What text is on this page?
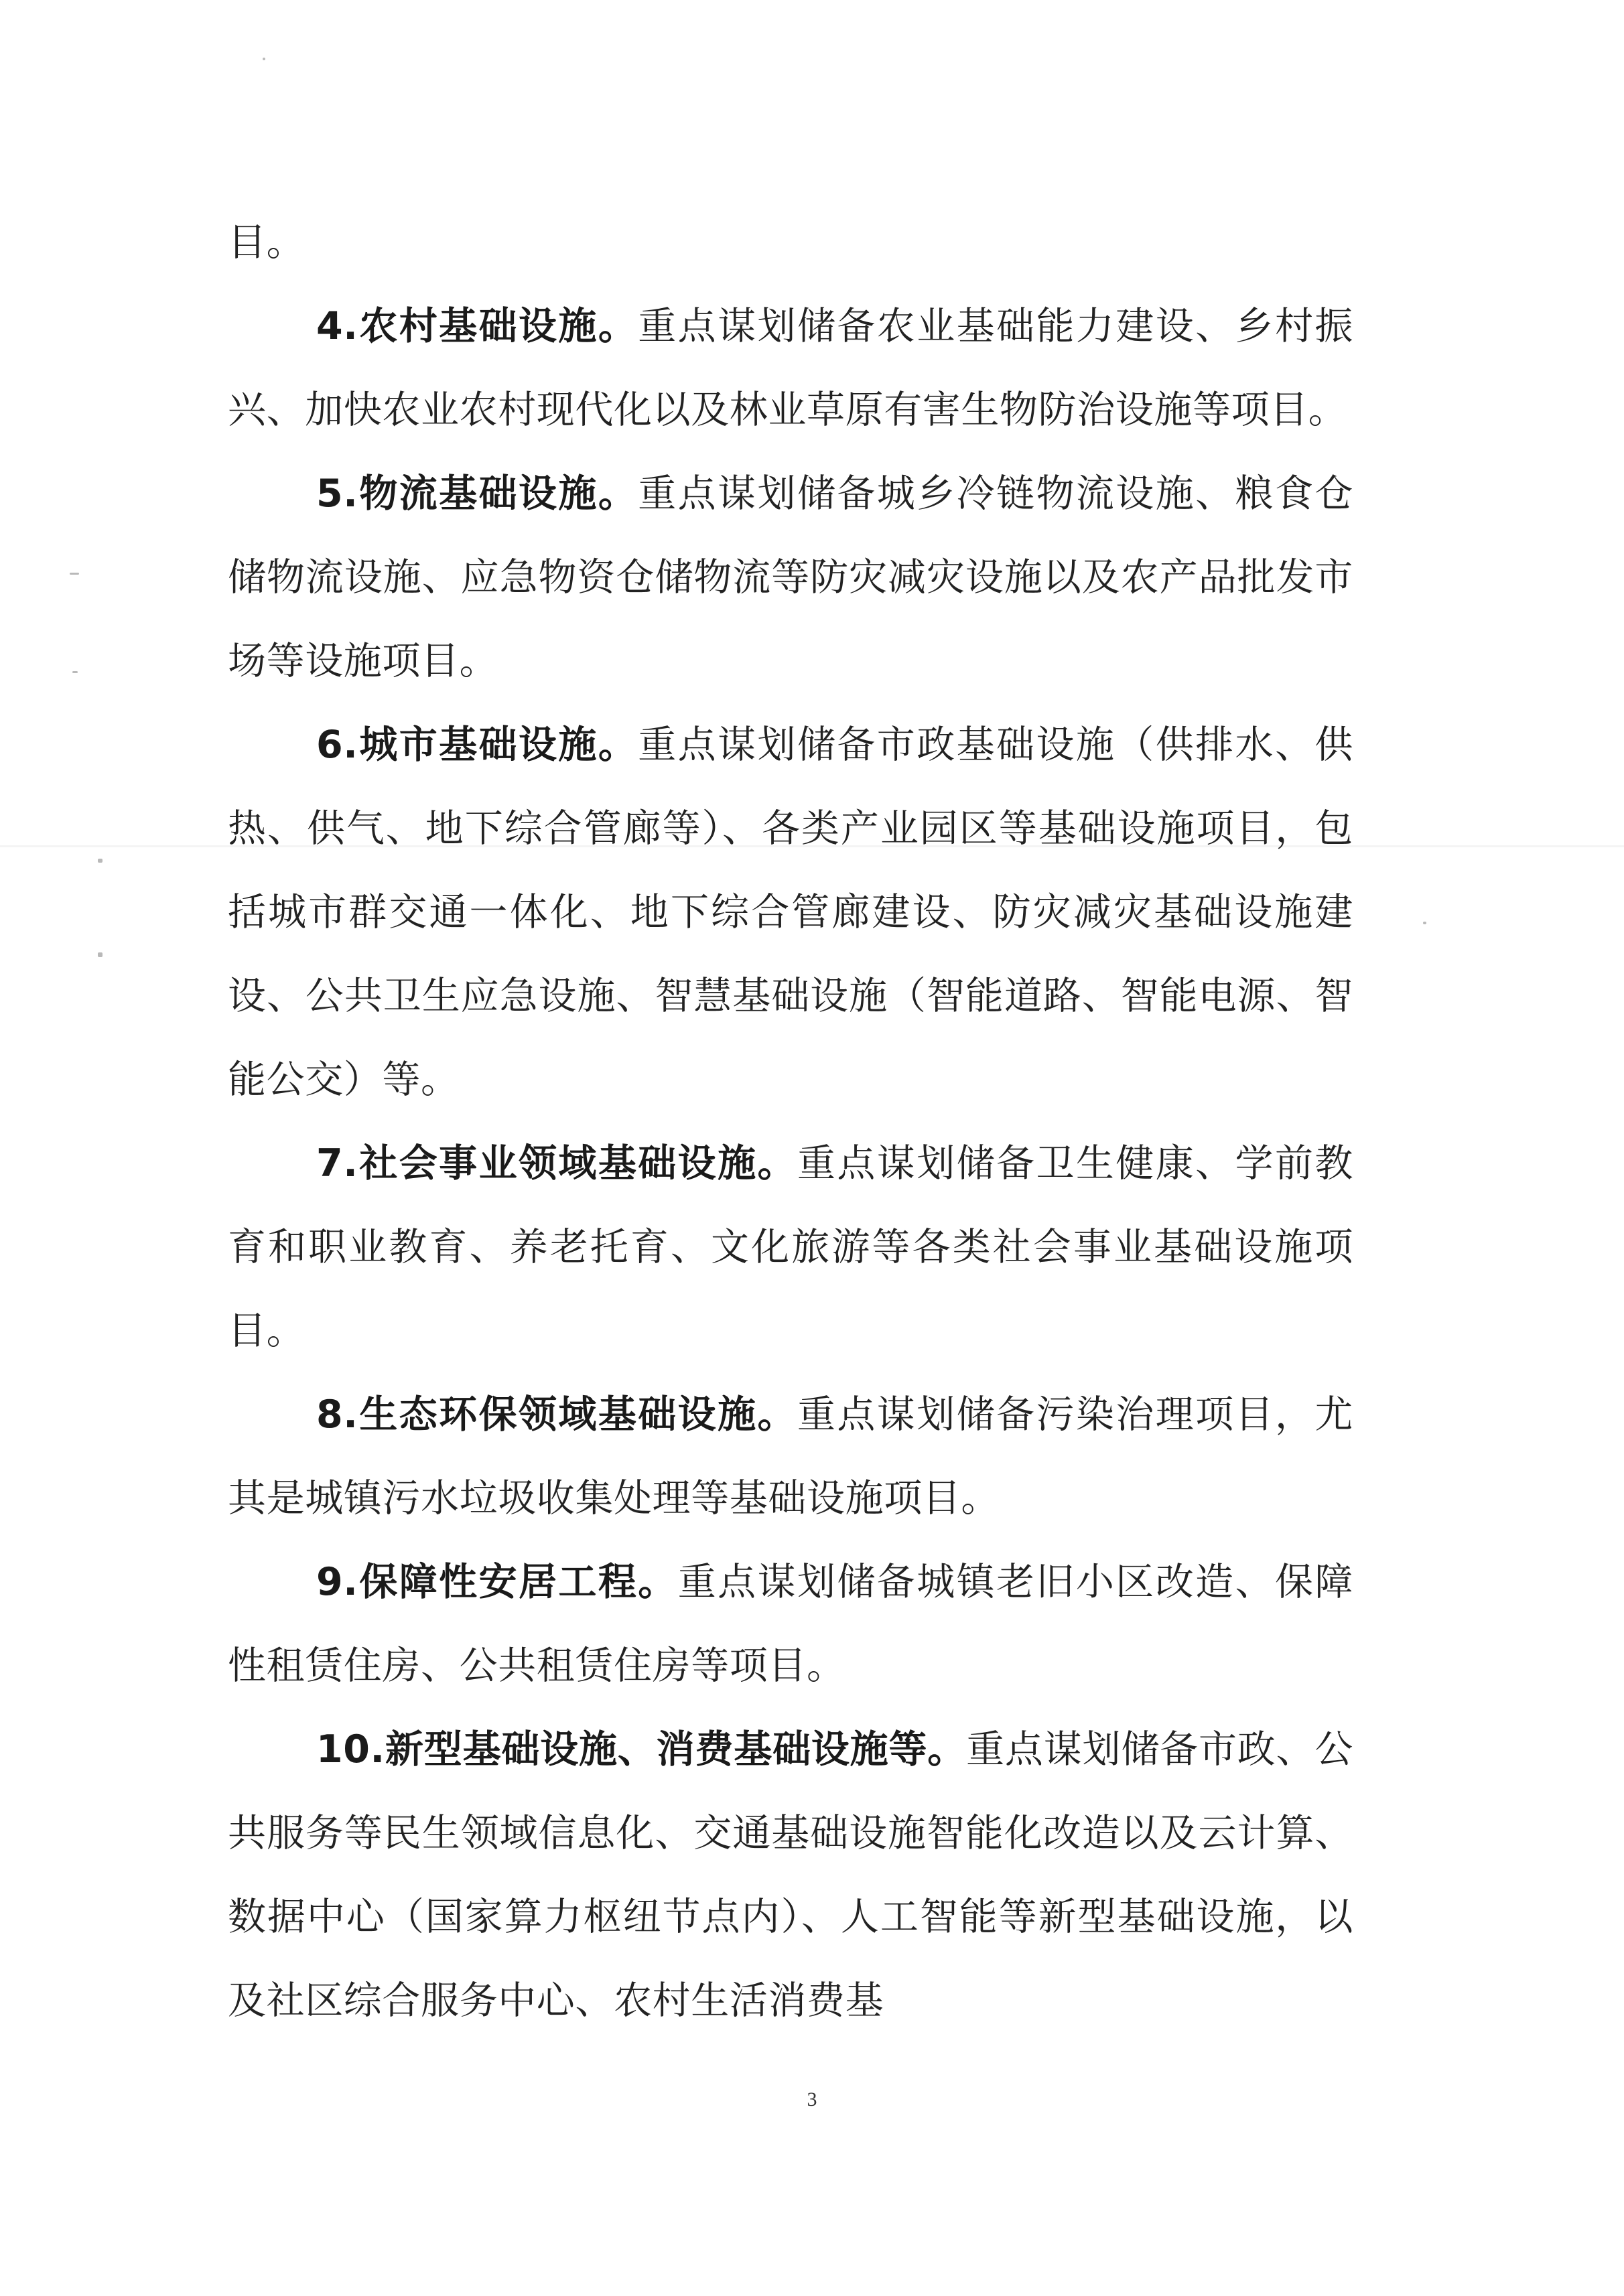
目。

4.农村基础设施。重点谋划储备农业基础能力建设、乡村振兴、加快农业农村现代化以及林业草原有害生物防治设施等项目。

5.物流基础设施。重点谋划储备城乡冷链物流设施、粮食仓储物流设施、应急物资仓储物流等防灾减灾设施以及农产品批发市场等设施项目。

6.城市基础设施。重点谋划储备市政基础设施（供排水、供热、供气、地下综合管廊等）、各类产业园区等基础设施项目，包括城市群交通一体化、地下综合管廊建设、防灾减灾基础设施建设、公共卫生应急设施、智慧基础设施（智能道路、智能电源、智能公交）等。

7.社会事业领域基础设施。重点谋划储备卫生健康、学前教育和职业教育、养老托育、文化旅游等各类社会事业基础设施项目。

8.生态环保领域基础设施。重点谋划储备污染治理项目，尤其是城镇污水垃圾收集处理等基础设施项目。

9.保障性安居工程。重点谋划储备城镇老旧小区改造、保障性租赁住房、公共租赁住房等项目。

10.新型基础设施、消费基础设施等。重点谋划储备市政、公共服务等民生领域信息化、交通基础设施智能化改造以及云计算、数据中心（国家算力枢纽节点内）、人工智能等新型基础设施，以及社区综合服务中心、农村生活消费基

3
